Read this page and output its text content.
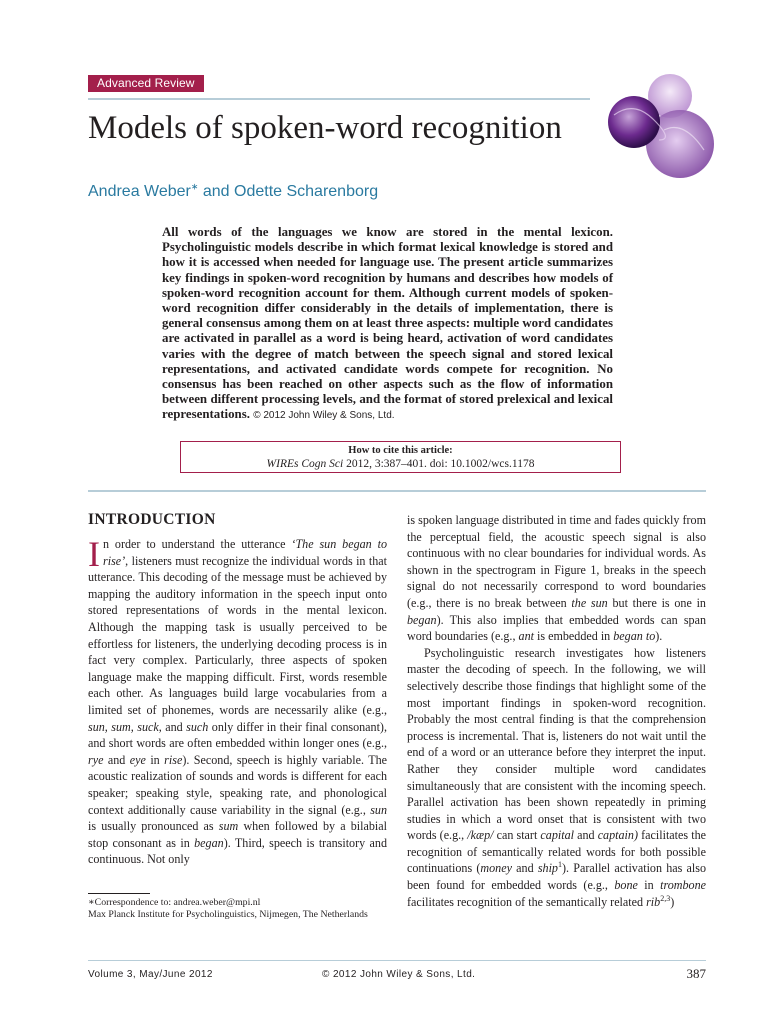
Advanced Review
Models of spoken-word recognition
Andrea Weber∗ and Odette Scharenborg

All words of the languages we know are stored in the mental lexicon. Psycholinguistic models describe in which format lexical knowledge is stored and how it is accessed when needed for language use. The present article summarizes key findings in spoken-word recognition by humans and describes how models of spoken-word recognition account for them. Although current models of spoken-word recognition differ considerably in the details of implementation, there is general consensus among them on at least three aspects: multiple word candidates are activated in parallel as a word is being heard, activation of word candidates varies with the degree of match between the speech signal and stored lexical representations, and activated candidate words compete for recognition. No consensus has been reached on other aspects such as the flow of information between different processing levels, and the format of stored prelexical and lexical representations. © 2012 John Wiley & Sons, Ltd.

How to cite this article:
WIREs Cogn Sci 2012, 3:387–401. doi: 10.1002/wcs.1178
INTRODUCTION

In order to understand the utterance ‘The sun began to rise’, listeners must recognize the individual words in that utterance. This decoding of the message must be achieved by mapping the auditory information in the speech input onto stored representations of words in the mental lexicon. Although the mapping task is usually perceived to be effortless for listeners, the underlying decoding process is in fact very complex. Particularly, three aspects of spoken language make the mapping difficult. First, words resemble each other. As languages build large vocabularies from a limited set of phonemes, words are necessarily alike (e.g., sun, sum, suck, and such only differ in their final consonant), and short words are often embedded within longer ones (e.g., rye and eye in rise). Second, speech is highly variable. The acoustic realization of sounds and words is different for each speaker; speaking style, speaking rate, and phonological context additionally cause variability in the signal (e.g., sun is usually pronounced as sum when followed by a bilabial stop consonant as in began). Third, speech is transitory and continuous. Not only

is spoken language distributed in time and fades quickly from the perceptual field, the acoustic speech signal is also continuous with no clear boundaries for individual words. As shown in the spectrogram in Figure 1, breaks in the speech signal do not necessarily correspond to word boundaries (e.g., there is no break between the sun but there is one in began). This also implies that embedded words can span word boundaries (e.g., ant is embedded in began to).

Psycholinguistic research investigates how listeners master the decoding of speech. In the following, we will selectively describe those findings that highlight some of the most important findings in spoken-word recognition. Probably the most central finding is that the comprehension process is incremental. That is, listeners do not wait until the end of a word or an utterance before they interpret the input. Rather they consider multiple word candidates simultaneously that are consistent with the incoming speech. Parallel activation has been shown repeatedly in priming studies in which a word onset that is consistent with two words (e.g., /kæp/ can start capital and captain) facilitates the recognition of semantically related words for both possible continuations (money and ship$^1$). Parallel activation has also been found for embedded words (e.g., bone in trombone facilitates recognition of the semantically related rib$^{2,3}$)

∗Correspondence to: andrea.weber@mpi.nl
Max Planck Institute for Psycholinguistics, Nijmegen, The Netherlands

Volume 3, May/June 2012	© 2012 John Wiley & Sons, Ltd.	387
